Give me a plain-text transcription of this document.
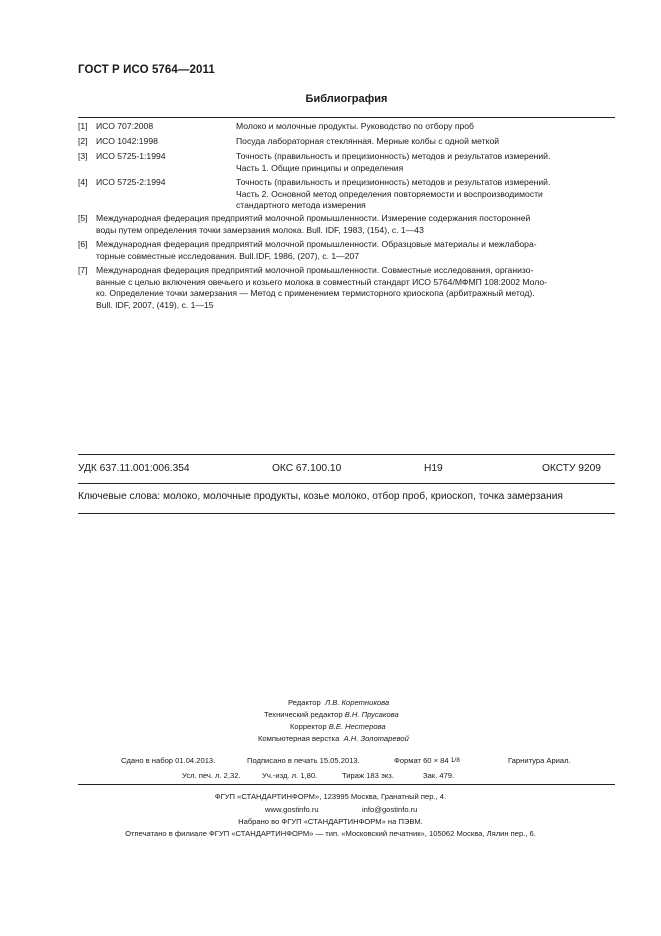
ГОСТ Р ИСО 5764—2011
Библиография
[1] ИСО 707:2008	Молоко и молочные продукты. Руководство по отбору проб
[2] ИСО 1042:1998	Посуда лабораторная стеклянная. Мерные колбы с одной меткой
[3] ИСО 5725-1:1994	Точность (правильность и прецизионность) методов и результатов измерений.
Часть 1. Общие принципы и определения
[4] ИСО 5725-2:1994	Точность (правильность и прецизионность) методов и результатов измерений.
Часть 2. Основной метод определения повторяемости и воспроизводимости
стандартного метода измерения
[5] Международная федерация предприятий молочной промышленности. Измерение содержания посторонней
воды путем определения точки замерзания молока. Bull. IDF, 1983, (154), с. 1—43
[6] Международная федерация предприятий молочной промышленности. Образцовые материалы и межлабора-
торные совместные исследования. Bull.IDF, 1986, (207), с. 1—207
[7] Международная федерация предприятий молочной промышленности. Совместные исследования, организо-
ванные с целью включения овечьего и козьего молока в совместный стандарт ИСО 5764/МФМП 108:2002 Моло-
ко. Определение точки замерзания — Метод с применением термисторного криоскопа (арбитражный метод).
Bull. IDF, 2007, (419), с. 1—15
УДК 637.11.001:006.354	ОКС 67.100.10	Н19	ОКСТУ 9209
Ключевые слова: молоко, молочные продукты, козье молоко, отбор проб, криоскоп, точка замерзания
Редактор Л.В. Коретникова
Технический редактор В.Н. Прусакова
Корректор В.Е. Нестерова
Компьютерная верстка А.Н. Золотаревой
Сдано в набор 01.04.2013.	Подписано в печать 15.05.2013.	Формат 60 × 84 1/8	Гарнитура Ариал.
Усл. печ. л. 2,32.	Уч.-изд. л. 1,80.	Тираж 183 экз.	Зак. 479.
ФГУП «СТАНДАРТИНФОРМ», 123995 Москва, Гранатный пер., 4.
www.gostinfo.ru	info@gostinfo.ru
Набрано во ФГУП «СТАНДАРТИНФОРМ» на ПЭВМ.
Отпечатано в филиале ФГУП «СТАНДАРТИНФОРМ» — тип. «Московский печатник», 105062 Москва, Лялин пер., 6.
